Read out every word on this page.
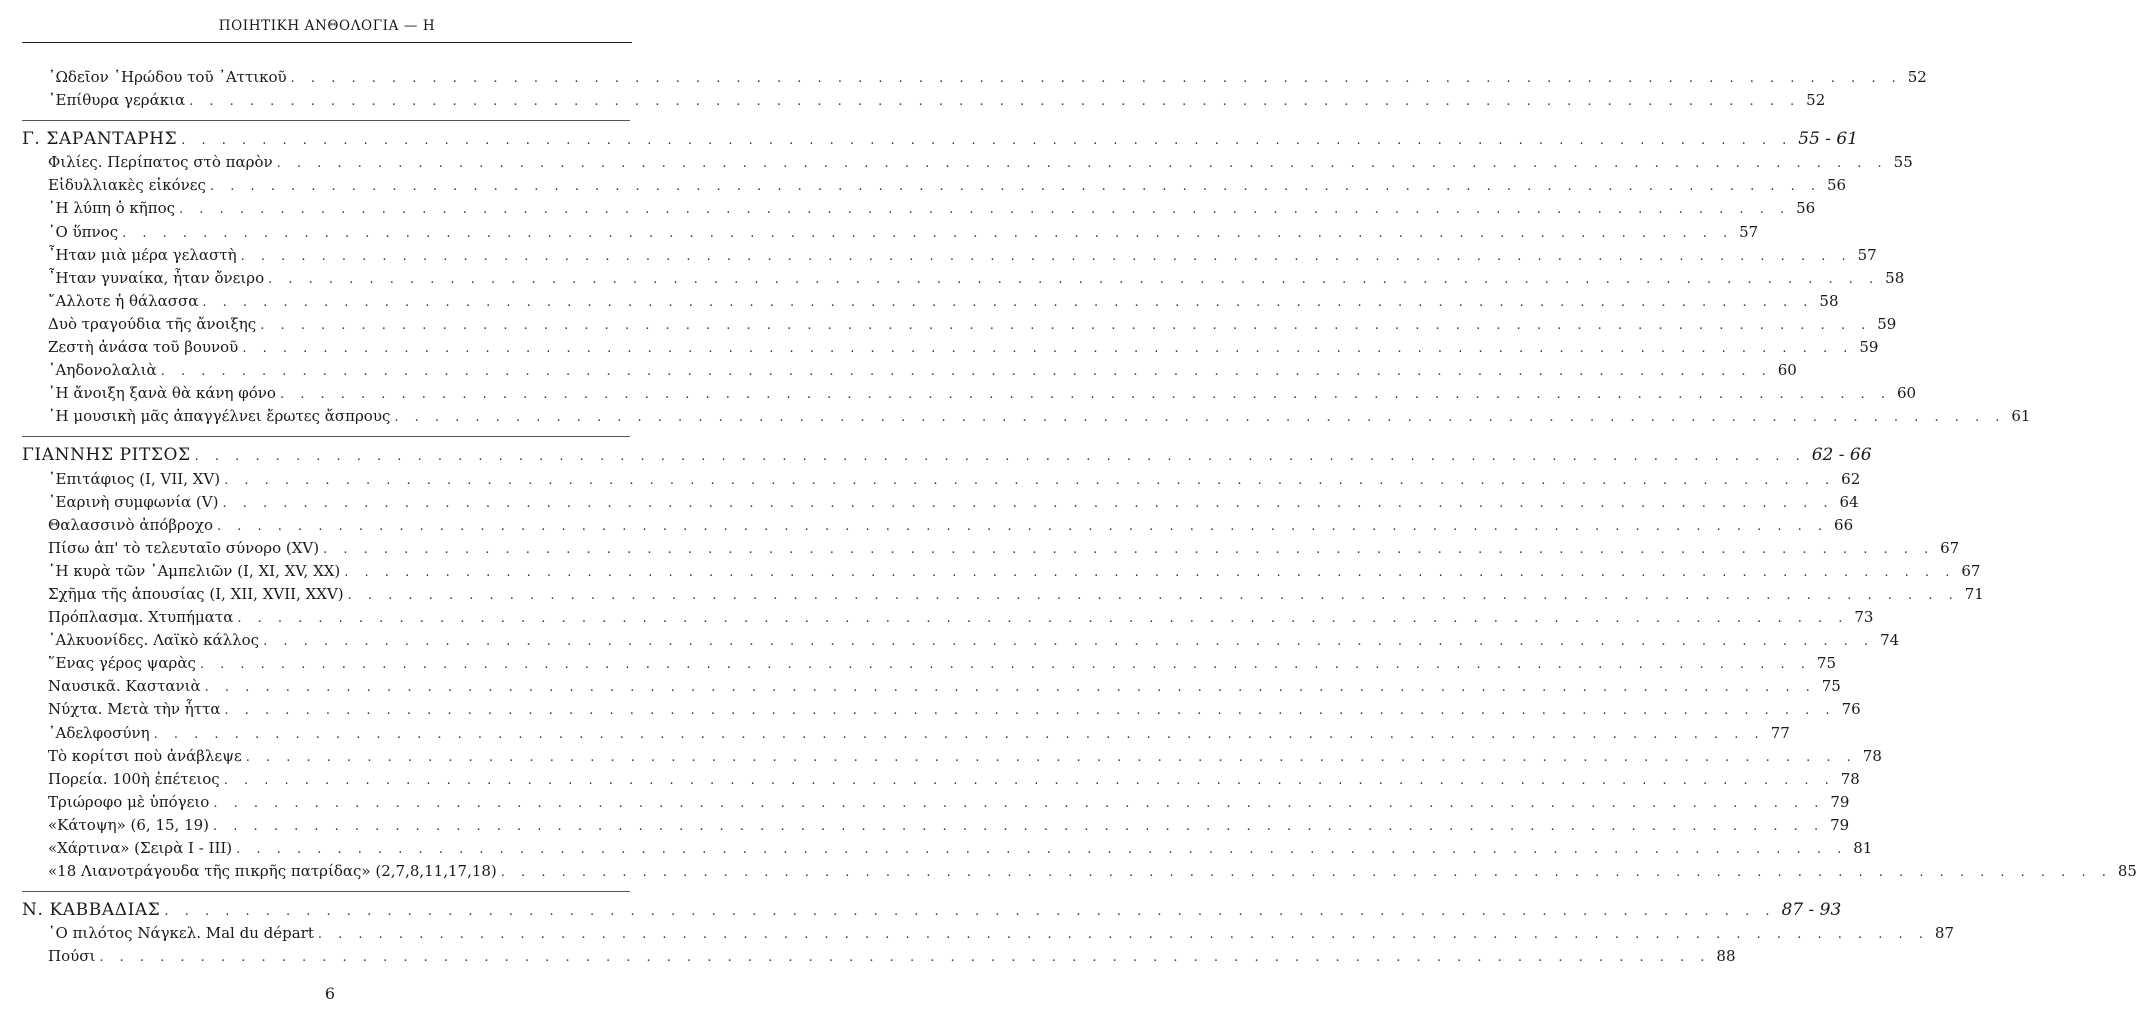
ΠΟΙΗΤΙΚΗ ΑΝΘΟΛΟΓΙΑ — Η
᾿Ωδεῖον ῾Ηρώδου τοῦ ᾿Αττικοῦ . . . . . . . . . . . . . . . . . . . . . . . . . . . . . . . . . . . . . . . . . . . . . . . . . . . . . . . . . . . . . . . . . . . . . . . . . . . . . . . . 52
᾿Επίθυρα γεράκια . . . . . . . . . . . . . . . . . . . . . . . . . . . . . . . . . . . . . . . . . . . . . . . . . . . . . . . . . . . . . . . . . . . . . . . . . . . . . . . . 52
Γ. ΣΑΡΑΝΤΑΡΗΣ . . . . . . . . . . . . . . . . . . . . . . . . . . . . . . . . . . . . . . . . . . . . . . . . . . . . . . . . . . . . . . . . . . . . . . . . . . . . . . . . 55 - 61
Φιλίες. Περίπατος στὸ παρὸν . . . . . . . . . . . . . . . . . . . . . . . . . . . . . . . . . . . . . . . . . . . . . . . . . . . . . . . . . . . . . . . . . . . . . . . . . . . . . . . . 55
Εἰδυλλιακὲς εἰκόνες . . . . . . . . . . . . . . . . . . . . . . . . . . . . . . . . . . . . . . . . . . . . . . . . . . . . . . . . . . . . . . . . . . . . . . . . . . . . . . . . 56
῾Η λύπη ὁ κῆπος . . . . . . . . . . . . . . . . . . . . . . . . . . . . . . . . . . . . . . . . . . . . . . . . . . . . . . . . . . . . . . . . . . . . . . . . . . . . . . . . 56
῾Ο ὕπνος . . . . . . . . . . . . . . . . . . . . . . . . . . . . . . . . . . . . . . . . . . . . . . . . . . . . . . . . . . . . . . . . . . . . . . . . . . . . . . . . 57
῏Ηταν μιὰ μέρα γελαστὴ . . . . . . . . . . . . . . . . . . . . . . . . . . . . . . . . . . . . . . . . . . . . . . . . . . . . . . . . . . . . . . . . . . . . . . . . . . . . . . . . 57
῏Ηταν γυναίκα, ἦταν ὄνειρο . . . . . . . . . . . . . . . . . . . . . . . . . . . . . . . . . . . . . . . . . . . . . . . . . . . . . . . . . . . . . . . . . . . . . . . . . . . . . . . . 58
῎Αλλοτε ἡ θάλασσα . . . . . . . . . . . . . . . . . . . . . . . . . . . . . . . . . . . . . . . . . . . . . . . . . . . . . . . . . . . . . . . . . . . . . . . . . . . . . . . . 58
Δυὸ τραγούδια τῆς ἄνοιξης . . . . . . . . . . . . . . . . . . . . . . . . . . . . . . . . . . . . . . . . . . . . . . . . . . . . . . . . . . . . . . . . . . . . . . . . . . . . . . . . 59
Ζεστὴ ἀνάσα τοῦ βουνοῦ . . . . . . . . . . . . . . . . . . . . . . . . . . . . . . . . . . . . . . . . . . . . . . . . . . . . . . . . . . . . . . . . . . . . . . . . . . . . . . . . 59
᾿Αηδονολαλιὰ . . . . . . . . . . . . . . . . . . . . . . . . . . . . . . . . . . . . . . . . . . . . . . . . . . . . . . . . . . . . . . . . . . . . . . . . . . . . . . . . 60
῾Η ἄνοιξη ξανὰ θὰ κάνη φόνο . . . . . . . . . . . . . . . . . . . . . . . . . . . . . . . . . . . . . . . . . . . . . . . . . . . . . . . . . . . . . . . . . . . . . . . . . . . . . . . . 60
῾Η μουσικὴ μᾶς ἀπαγγέλνει ἔρωτες ἄσπρους . . . . . . . . . . . . . . . . . . . . . . . . . . . . . . . . . . . . . . . . . . . . . . . . . . . . . . . . . . . . . . . . . . . . . . . . . . . . . . . . 61
ΓΙΑΝΝΗΣ ΡΙΤΣΟΣ . . . . . . . . . . . . . . . . . . . . . . . . . . . . . . . . . . . . . . . . . . . . . . . . . . . . . . . . . . . . . . . . . . . . . . . . . . . . . . . . 62 - 66
᾿Επιτάφιος (Ι, VII, XV) . . . . . . . . . . . . . . . . . . . . . . . . . . . . . . . . . . . . . . . . . . . . . . . . . . . . . . . . . . . . . . . . . . . . . . . . . . . . . . . . 62
᾿Εαρινὴ συμφωνία (V) . . . . . . . . . . . . . . . . . . . . . . . . . . . . . . . . . . . . . . . . . . . . . . . . . . . . . . . . . . . . . . . . . . . . . . . . . . . . . . . . 64
Θαλασσινὸ ἀπόβροχο . . . . . . . . . . . . . . . . . . . . . . . . . . . . . . . . . . . . . . . . . . . . . . . . . . . . . . . . . . . . . . . . . . . . . . . . . . . . . . . . 66
Πίσω ἀπ' τὸ τελευταῖο σύνορο (XV) . . . . . . . . . . . . . . . . . . . . . . . . . . . . . . . . . . . . . . . . . . . . . . . . . . . . . . . . . . . . . . . . . . . . . . . . . . . . . . . . 67
῾Η κυρὰ τῶν ᾿Αμπελιῶν (Ι, ΧΙ, XV, XX) . . . . . . . . . . . . . . . . . . . . . . . . . . . . . . . . . . . . . . . . . . . . . . . . . . . . . . . . . . . . . . . . . . . . . . . . . . . . . . . . 67
Σχῆμα τῆς ἀπουσίας (Ι, XII, XVII, XXV) . . . . . . . . . . . . . . . . . . . . . . . . . . . . . . . . . . . . . . . . . . . . . . . . . . . . . . . . . . . . . . . . . . . . . . . . . . . . . . . . 71
Πρόπλασμα. Χτυπήματα . . . . . . . . . . . . . . . . . . . . . . . . . . . . . . . . . . . . . . . . . . . . . . . . . . . . . . . . . . . . . . . . . . . . . . . . . . . . . . . . 73
᾿Αλκυονίδες. Λαϊκὸ κάλλος . . . . . . . . . . . . . . . . . . . . . . . . . . . . . . . . . . . . . . . . . . . . . . . . . . . . . . . . . . . . . . . . . . . . . . . . . . . . . . . . 74
῞Ενας γέρος ψαρὰς . . . . . . . . . . . . . . . . . . . . . . . . . . . . . . . . . . . . . . . . . . . . . . . . . . . . . . . . . . . . . . . . . . . . . . . . . . . . . . . . 75
Ναυσικᾶ. Καστανιὰ . . . . . . . . . . . . . . . . . . . . . . . . . . . . . . . . . . . . . . . . . . . . . . . . . . . . . . . . . . . . . . . . . . . . . . . . . . . . . . . . 75
Νύχτα. Μετὰ τὴν ἧττα . . . . . . . . . . . . . . . . . . . . . . . . . . . . . . . . . . . . . . . . . . . . . . . . . . . . . . . . . . . . . . . . . . . . . . . . . . . . . . . . 76
᾿Αδελφοσύνη . . . . . . . . . . . . . . . . . . . . . . . . . . . . . . . . . . . . . . . . . . . . . . . . . . . . . . . . . . . . . . . . . . . . . . . . . . . . . . . . 77
Τὸ κορίτσι ποὺ ἀνάβλεψε . . . . . . . . . . . . . . . . . . . . . . . . . . . . . . . . . . . . . . . . . . . . . . . . . . . . . . . . . . . . . . . . . . . . . . . . . . . . . . . . 78
Πορεία. 100ὴ ἐπέτειος . . . . . . . . . . . . . . . . . . . . . . . . . . . . . . . . . . . . . . . . . . . . . . . . . . . . . . . . . . . . . . . . . . . . . . . . . . . . . . . . 78
Τριώροφο μὲ ὑπόγειο . . . . . . . . . . . . . . . . . . . . . . . . . . . . . . . . . . . . . . . . . . . . . . . . . . . . . . . . . . . . . . . . . . . . . . . . . . . . . . . . 79
«Κάτοψη» (6, 15, 19) . . . . . . . . . . . . . . . . . . . . . . . . . . . . . . . . . . . . . . . . . . . . . . . . . . . . . . . . . . . . . . . . . . . . . . . . . . . . . . . . 79
«Χάρτινα» (Σειρὰ Ι - ΙΙΙ) . . . . . . . . . . . . . . . . . . . . . . . . . . . . . . . . . . . . . . . . . . . . . . . . . . . . . . . . . . . . . . . . . . . . . . . . . . . . . . . . 81
«18 Λιανοτράγουδα τῆς πικρῆς πατρίδας» (2,7,8,11,17,18) . . . . . . . . . . . . . . . . . . . . . . . . . . . . . . . . . . . . . . . . . . . . . . . . . . . . . . . . . . . . . . . . . . . . . . . . . . . . . . . . 85
Ν. ΚΑΒΒΑΔΙΑΣ . . . . . . . . . . . . . . . . . . . . . . . . . . . . . . . . . . . . . . . . . . . . . . . . . . . . . . . . . . . . . . . . . . . . . . . . . . . . . . . . 87 - 93
῾Ο πιλότος Νάγκελ. Mal du départ . . . . . . . . . . . . . . . . . . . . . . . . . . . . . . . . . . . . . . . . . . . . . . . . . . . . . . . . . . . . . . . . . . . . . . . . . . . . . . . . 87
Πούσι . . . . . . . . . . . . . . . . . . . . . . . . . . . . . . . . . . . . . . . . . . . . . . . . . . . . . . . . . . . . . . . . . . . . . . . . . . . . . . . . 88
6
